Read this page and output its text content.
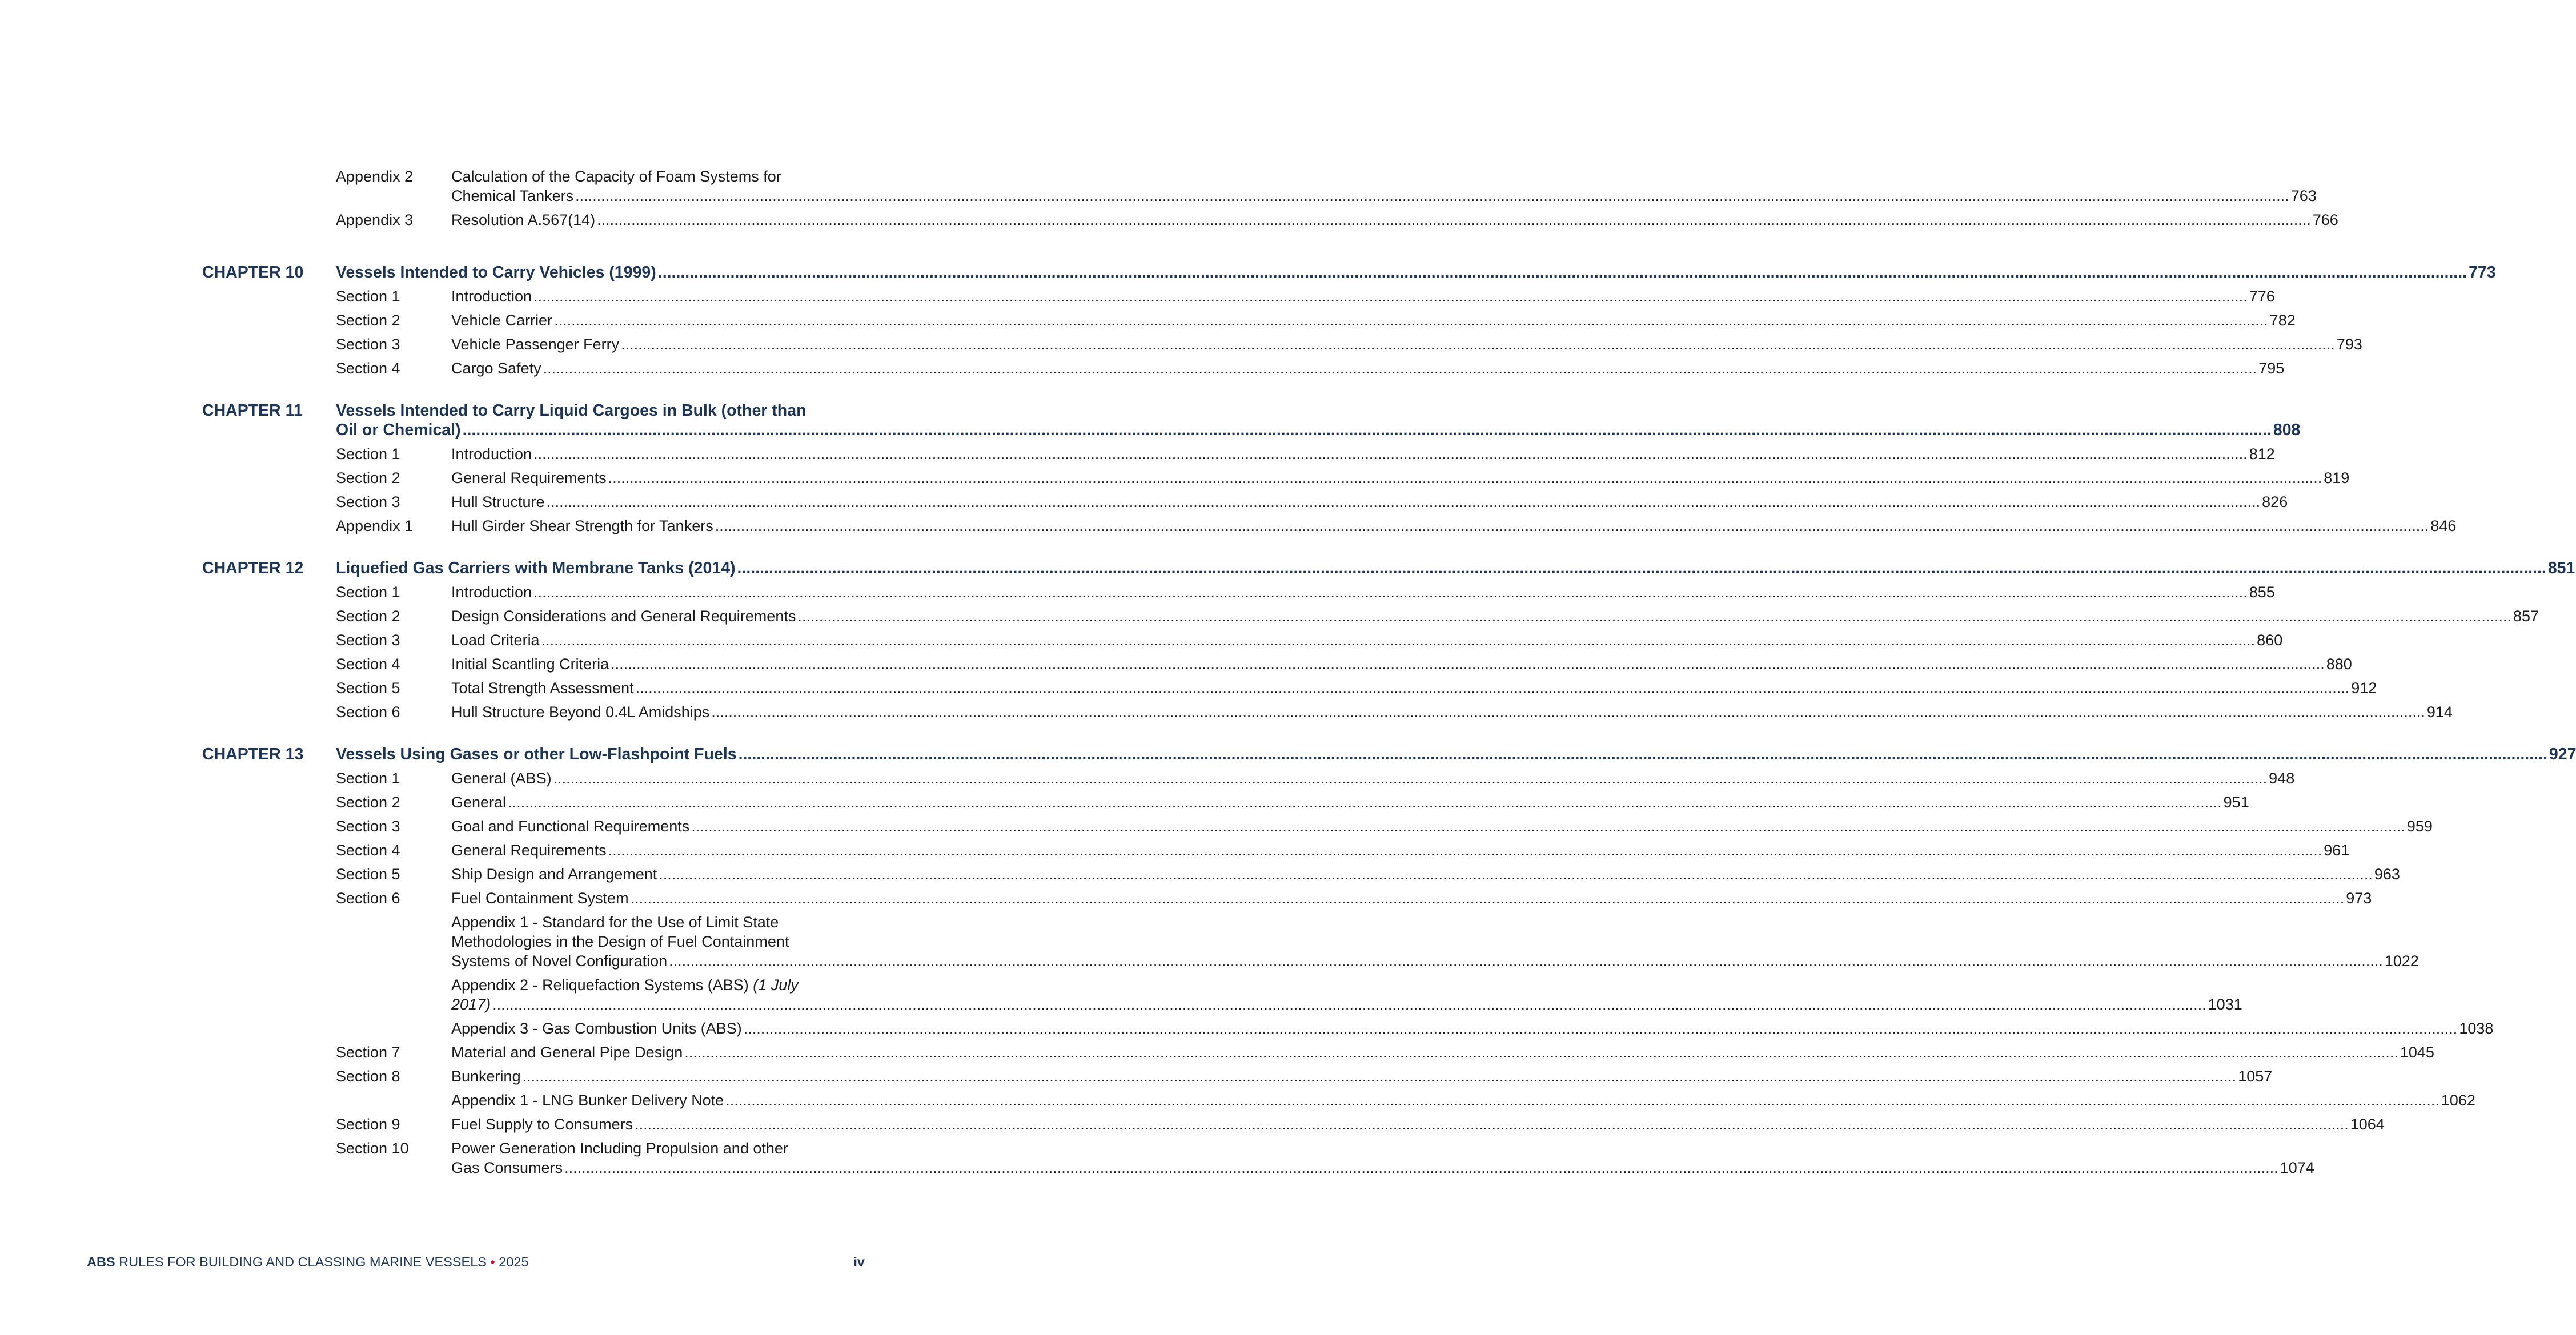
Appendix 2 Calculation of the Capacity of Foam Systems for
Chemical Tankers ................................................................................................................................................................................................................................................................................................................................................................................................................ 763
Appendix 3 Resolution A.567(14) ................................................................................................................................................................................................................................................................................................................................................................................................................ 766
CHAPTER 10	Vessels Intended to Carry Vehicles (1999) ................................................................................................................................................................................................................................................................................................................................................................................................................ 773
Section 1	Introduction ................................................................................................................................................................................................................................................................................................................................................................................................................ 776
Section 2	Vehicle Carrier ................................................................................................................................................................................................................................................................................................................................................................................................................ 782
Section 3	Vehicle Passenger Ferry ................................................................................................................................................................................................................................................................................................................................................................................................................ 793
Section 4	Cargo Safety ................................................................................................................................................................................................................................................................................................................................................................................................................ 795
CHAPTER 11	Vessels Intended to Carry Liquid Cargoes in Bulk (other than
Oil or Chemical) ................................................................................................................................................................................................................................................................................................................................................................................................................ 808
Section 1	Introduction ................................................................................................................................................................................................................................................................................................................................................................................................................ 812
Section 2	General Requirements ................................................................................................................................................................................................................................................................................................................................................................................................................ 819
Section 3	Hull Structure ................................................................................................................................................................................................................................................................................................................................................................................................................ 826
Appendix 1 Hull Girder Shear Strength for Tankers ................................................................................................................................................................................................................................................................................................................................................................................................................ 846
CHAPTER 12	Liquefied Gas Carriers with Membrane Tanks (2014) ................................................................................................................................................................................................................................................................................................................................................................................................................ 851
Section 1	Introduction ................................................................................................................................................................................................................................................................................................................................................................................................................ 855
Section 2	Design Considerations and General Requirements ................................................................................................................................................................................................................................................................................................................................................................................................................ 857
Section 3	Load Criteria ................................................................................................................................................................................................................................................................................................................................................................................................................ 860
Section 4	Initial Scantling Criteria ................................................................................................................................................................................................................................................................................................................................................................................................................ 880
Section 5	Total Strength Assessment ................................................................................................................................................................................................................................................................................................................................................................................................................ 912
Section 6	Hull Structure Beyond 0.4L Amidships ................................................................................................................................................................................................................................................................................................................................................................................................................ 914
CHAPTER 13	Vessels Using Gases or other Low-Flashpoint Fuels ................................................................................................................................................................................................................................................................................................................................................................................................................ 927
Section 1	General (ABS) ................................................................................................................................................................................................................................................................................................................................................................................................................ 948
Section 2	General ................................................................................................................................................................................................................................................................................................................................................................................................................ 951
Section 3	Goal and Functional Requirements ................................................................................................................................................................................................................................................................................................................................................................................................................ 959
Section 4	General Requirements ................................................................................................................................................................................................................................................................................................................................................................................................................ 961
Section 5	Ship Design and Arrangement ................................................................................................................................................................................................................................................................................................................................................................................................................ 963
Section 6	Fuel Containment System ................................................................................................................................................................................................................................................................................................................................................................................................................ 973
Appendix 1 - Standard for the Use of Limit State
Methodologies in the Design of Fuel Containment
Systems of Novel Configuration ................................................................................................................................................................................................................................................................................................................................................................................................................ 1022
Appendix 2 - Reliquefaction Systems (ABS) (1 July
2017) ................................................................................................................................................................................................................................................................................................................................................................................................................ 1031
Appendix 3 - Gas Combustion Units (ABS) ................................................................................................................................................................................................................................................................................................................................................................................................................ 1038
Section 7	Material and General Pipe Design ................................................................................................................................................................................................................................................................................................................................................................................................................ 1045
Section 8	Bunkering ................................................................................................................................................................................................................................................................................................................................................................................................................ 1057
Appendix 1 - LNG Bunker Delivery Note ................................................................................................................................................................................................................................................................................................................................................................................................................ 1062
Section 9	Fuel Supply to Consumers ................................................................................................................................................................................................................................................................................................................................................................................................................ 1064
Section 10	Power Generation Including Propulsion and other
Gas Consumers ................................................................................................................................................................................................................................................................................................................................................................................................................ 1074
ABS RULES FOR BUILDING AND CLASSING MARINE VESSELS • 2025	iv
